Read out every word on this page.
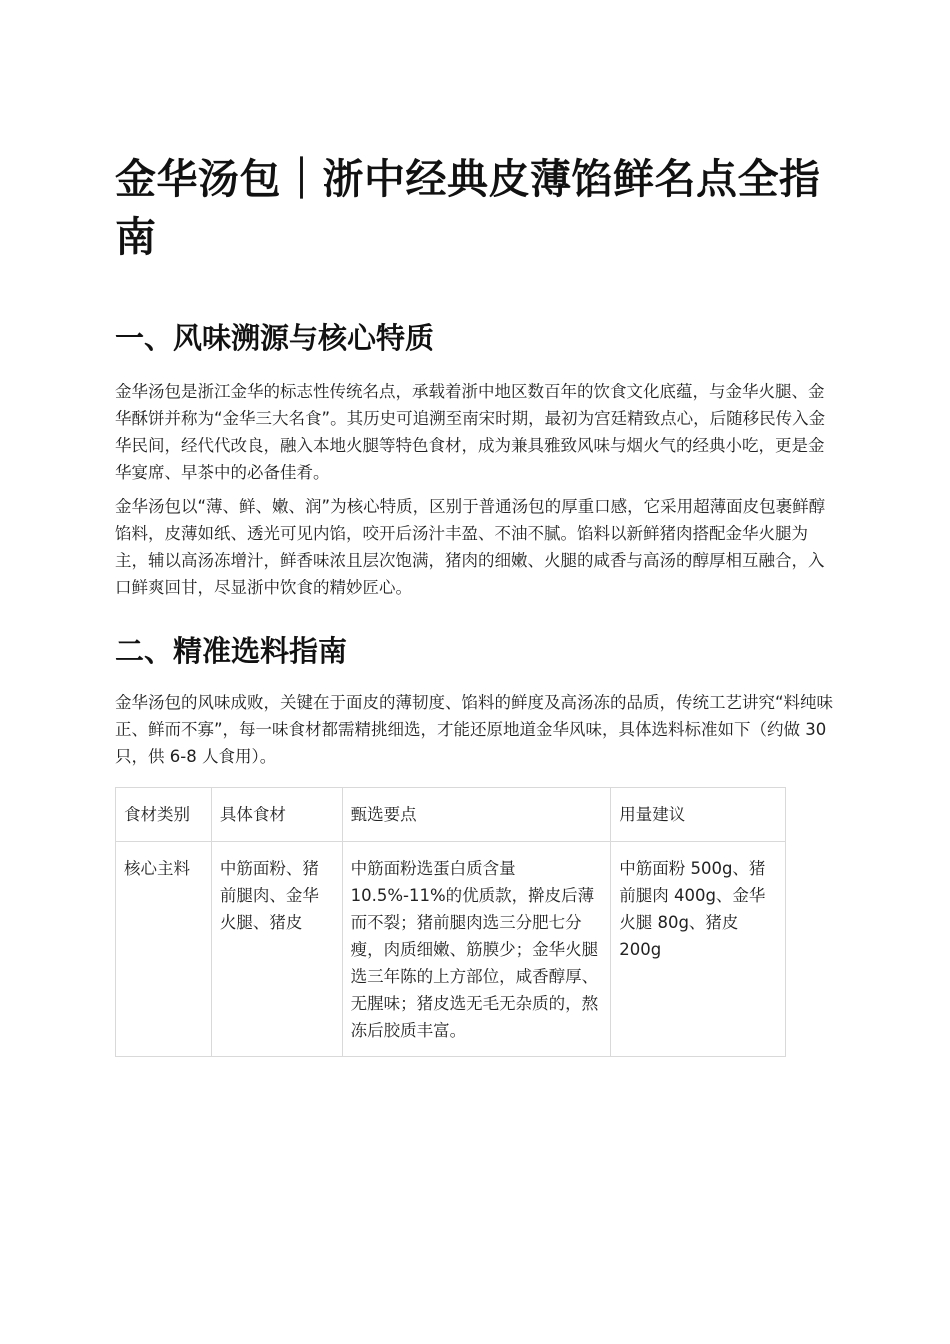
金华汤包｜浙中经典皮薄馅鲜名点全指南
一、风味溯源与核心特质

金华汤包是浙江金华的标志性传统名点，承载着浙中地区数百年的饮食文化底蕴，与金华火腿、金华酥饼并称为“金华三大名食”。其历史可追溯至南宋时期，最初为宫廷精致点心，后随移民传入金华民间，经代代改良，融入本地火腿等特色食材，成为兼具雅致风味与烟火气的经典小吃，更是金华宴席、早茶中的必备佳肴。

金华汤包以“薄、鲜、嫩、润”为核心特质，区别于普通汤包的厚重口感，它采用超薄面皮包裹鲜醇馅料，皮薄如纸、透光可见内馅，咬开后汤汁丰盈、不油不腻。馅料以新鲜猪肉搭配金华火腿为主，辅以高汤冻增汁，鲜香味浓且层次饱满，猪肉的细嫩、火腿的咸香与高汤的醇厚相互融合，入口鲜爽回甘，尽显浙中饮食的精妙匠心。

二、精准选料指南

金华汤包的风味成败，关键在于面皮的薄韧度、馅料的鲜度及高汤冻的品质，传统工艺讲究“料纯味正、鲜而不寡”，每一味食材都需精挑细选，才能还原地道金华风味，具体选料标准如下（约做 30 只，供 6-8 人食用）。

食材类别	具体食材	甄选要点	用量建议
核心主料	中筋面粉、猪前腿肉、金华火腿、猪皮	中筋面粉选蛋白质含量 10.5%-11%的优质款，擀皮后薄而不裂；猪前腿肉选三分肥七分瘦，肉质细嫩、筋膜少；金华火腿选三年陈的上方部位，咸香醇厚、无腥味；猪皮选无毛无杂质的，熬冻后胶质丰富。	中筋面粉 500g、猪前腿肉 400g、金华火腿 80g、猪皮 200g
